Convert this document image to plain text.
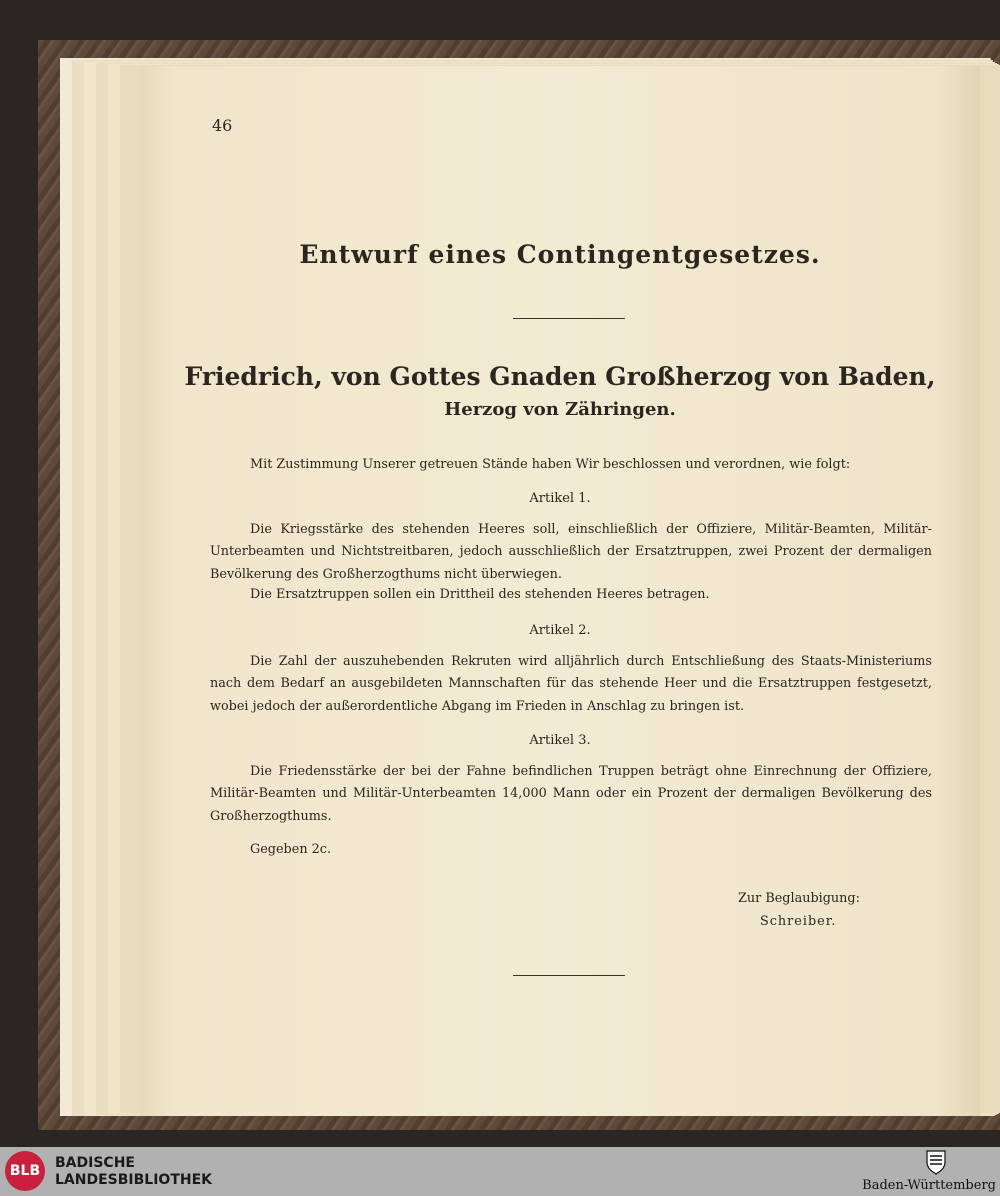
46
Entwurf eines Contingentgesetzes.
Friedrich, von Gottes Gnaden Großherzog von Baden,
Herzog von Zähringen.
Mit Zustimmung Unserer getreuen Stände haben Wir beschlossen und verordnen, wie folgt:
Artikel 1.
Die Kriegsstärke des stehenden Heeres soll, einschließlich der Offiziere, Militär-Beamten, Militär-Unterbeamten und Nichtstreitbaren, jedoch ausschließlich der Ersatztruppen, zwei Prozent der dermaligen Bevölkerung des Großherzogthums nicht überwiegen.
Die Ersatztruppen sollen ein Drittheil des stehenden Heeres betragen.
Artikel 2.
Die Zahl der auszuhebenden Rekruten wird alljährlich durch Entschließung des Staats-Ministeriums nach dem Bedarf an ausgebildeten Mannschaften für das stehende Heer und die Ersatztruppen festgesetzt, wobei jedoch der außerordentliche Abgang im Frieden in Anschlag zu bringen ist.
Artikel 3.
Die Friedensstärke der bei der Fahne befindlichen Truppen beträgt ohne Einrechnung der Offiziere, Militär-Beamten und Militär-Unterbeamten 14,000 Mann oder ein Prozent der dermaligen Bevölkerung des Großherzogthums.
Gegeben 2c.
Zur Beglaubigung:
Schreiber.
BLB	BADISCHE
LANDESBIBLIOTHEK	Baden-Württemberg
